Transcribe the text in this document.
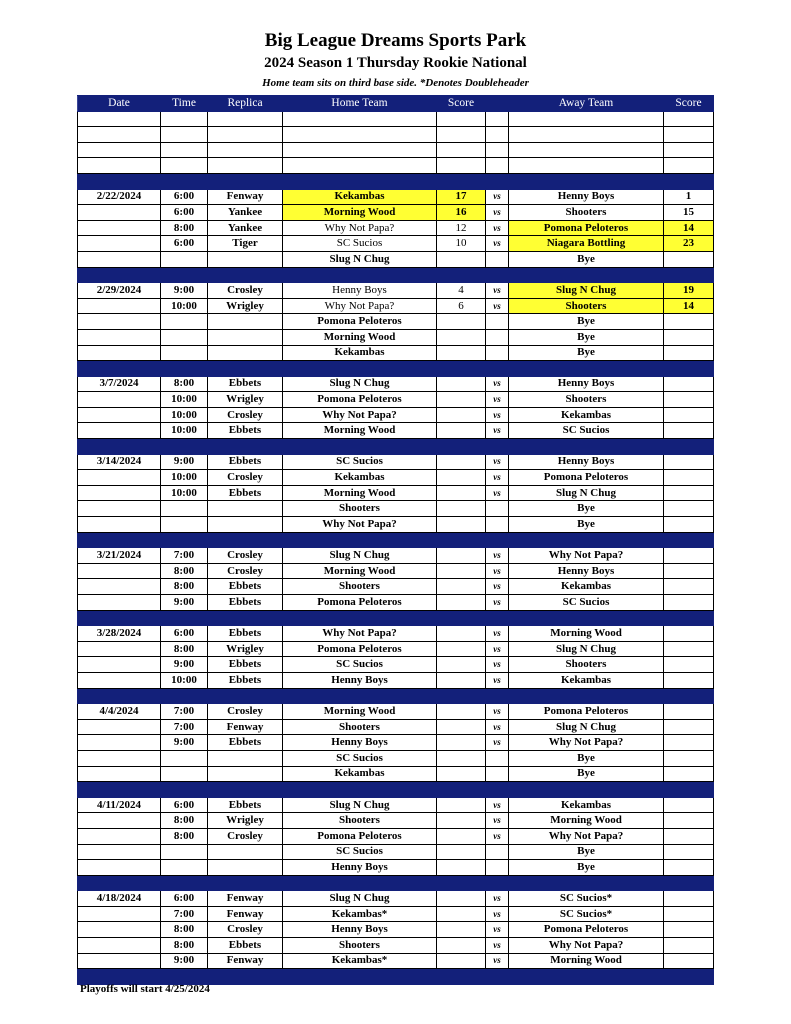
Big League Dreams Sports Park
2024 Season 1 Thursday Rookie National
Home team sits on third base side. *Denotes Doubleheader
Date	Time	Replica	Home Team	Score		Away Team	Score

2/22/2024	6:00	Fenway	Kekambas	17	vs	Henny Boys	1
	6:00	Yankee	Morning Wood	16	vs	Shooters	15
	8:00	Yankee	Why Not Papa?	12	vs	Pomona Peloteros	14
	6:00	Tiger	SC Sucios	10	vs	Niagara Bottling	23
			Slug N Chug			Bye	

2/29/2024	9:00	Crosley	Henny Boys	4	vs	Slug N Chug	19
	10:00	Wrigley	Why Not Papa?	6	vs	Shooters	14
			Pomona Peloteros			Bye	
			Morning Wood			Bye	
			Kekambas			Bye	

3/7/2024	8:00	Ebbets	Slug N Chug		vs	Henny Boys	
	10:00	Wrigley	Pomona Peloteros		vs	Shooters	
	10:00	Crosley	Why Not Papa?		vs	Kekambas	
	10:00	Ebbets	Morning Wood		vs	SC Sucios	

3/14/2024	9:00	Ebbets	SC Sucios		vs	Henny Boys	
	10:00	Crosley	Kekambas		vs	Pomona Peloteros	
	10:00	Ebbets	Morning Wood		vs	Slug N Chug	
			Shooters			Bye	
			Why Not Papa?			Bye	

3/21/2024	7:00	Crosley	Slug N Chug		vs	Why Not Papa?	
	8:00	Crosley	Morning Wood		vs	Henny Boys	
	8:00	Ebbets	Shooters		vs	Kekambas	
	9:00	Ebbets	Pomona Peloteros		vs	SC Sucios	

3/28/2024	6:00	Ebbets	Why Not Papa?		vs	Morning Wood	
	8:00	Wrigley	Pomona Peloteros		vs	Slug N Chug	
	9:00	Ebbets	SC Sucios		vs	Shooters	
	10:00	Ebbets	Henny Boys		vs	Kekambas	

4/4/2024	7:00	Crosley	Morning Wood		vs	Pomona Peloteros	
	7:00	Fenway	Shooters		vs	Slug N Chug	
	9:00	Ebbets	Henny Boys		vs	Why Not Papa?	
			SC Sucios			Bye	
			Kekambas			Bye	

4/11/2024	6:00	Ebbets	Slug N Chug		vs	Kekambas	
	8:00	Wrigley	Shooters		vs	Morning Wood	
	8:00	Crosley	Pomona Peloteros		vs	Why Not Papa?	
			SC Sucios			Bye	
			Henny Boys			Bye	

4/18/2024	6:00	Fenway	Slug N Chug		vs	SC Sucios*	
	7:00	Fenway	Kekambas*		vs	SC Sucios*	
	8:00	Crosley	Henny Boys		vs	Pomona Peloteros	
	8:00	Ebbets	Shooters		vs	Why Not Papa?	
	9:00	Fenway	Kekambas*		vs	Morning Wood	

Playoffs will start 4/25/2024
